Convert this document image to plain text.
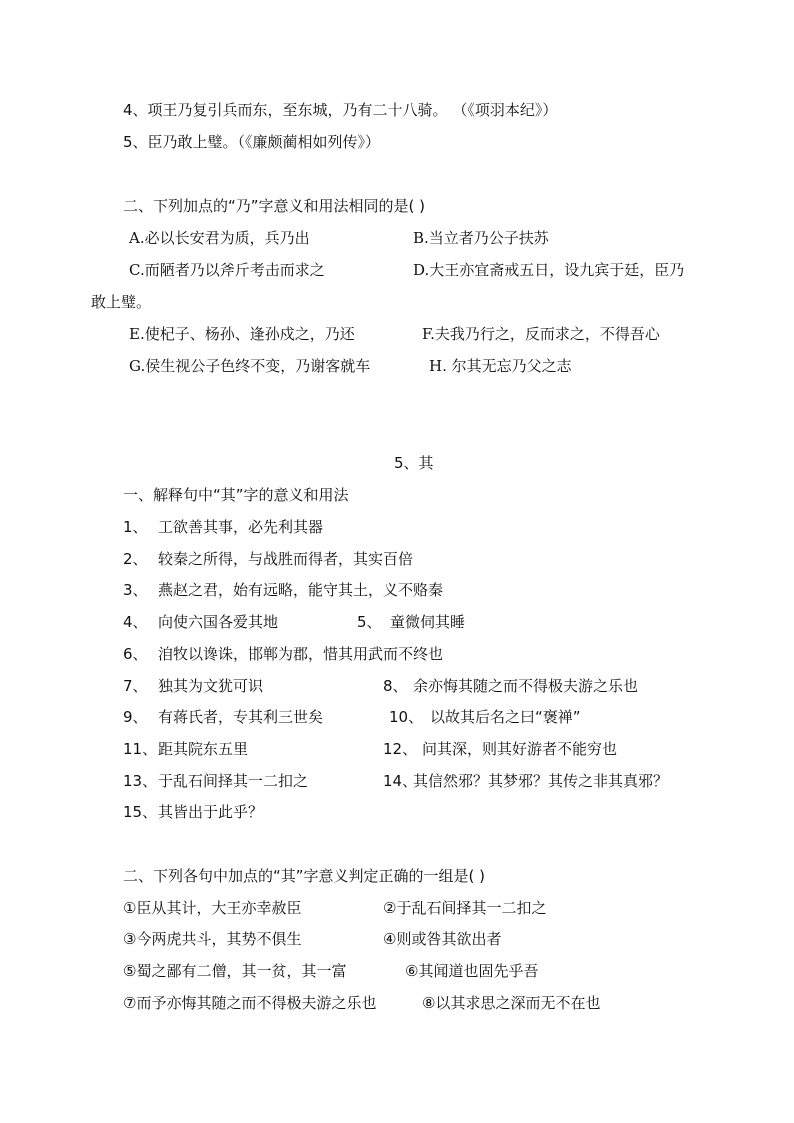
4、项王乃复引兵而东，至东城，乃有二十八骑。 （《项羽本纪》）
5、臣乃敢上璧。（《廉颇蔺相如列传》）
二、下列加点的“乃”字意义和用法相同的是( )
A.必以长安君为质，兵乃出	B.当立者乃公子扶苏
C.而陋者乃以斧斤考击而求之	D.大王亦宜斋戒五日，设九宾于廷，臣乃
敢上璧。
E.使杞子、杨孙、逢孙戍之，乃还	F.夫我乃行之，反而求之，不得吾心
G.侯生视公子色终不变，乃谢客就车	H. 尔其无忘乃父之志
5、其
一、解释句中“其”字的意义和用法
1、 工欲善其事，必先利其器
2、 较秦之所得，与战胜而得者，其实百倍
3、 燕赵之君，始有远略，能守其土，义不赂秦
4、 向使六国各爱其地	5、 童微伺其睡
6、 洎牧以谗诛，邯郸为郡，惜其用武而不终也
7、 独其为文犹可识	8、 余亦悔其随之而不得极夫游之乐也
9、 有蒋氏者，专其利三世矣	10、 以故其后名之曰“褒禅”
11、 距其院东五里	12、 问其深，则其好游者不能穷也
13、 于乱石间择其一二扣之	14、
其信然邪？其梦邪？其传之非其真邪？
15、 其皆出于此乎？
二、下列各句中加点的“其”字意义判定正确的一组是( )
①臣从其计，大王亦幸赦臣	②于乱石间择其一二扣之
③今两虎共斗，其势不俱生	④则或咎其欲出者
⑤蜀之鄙有二僧，其一贫，其一富	⑥其闻道也固先乎吾
⑦而予亦悔其随之而不得极夫游之乐也	⑧以其求思之深而无不在也
